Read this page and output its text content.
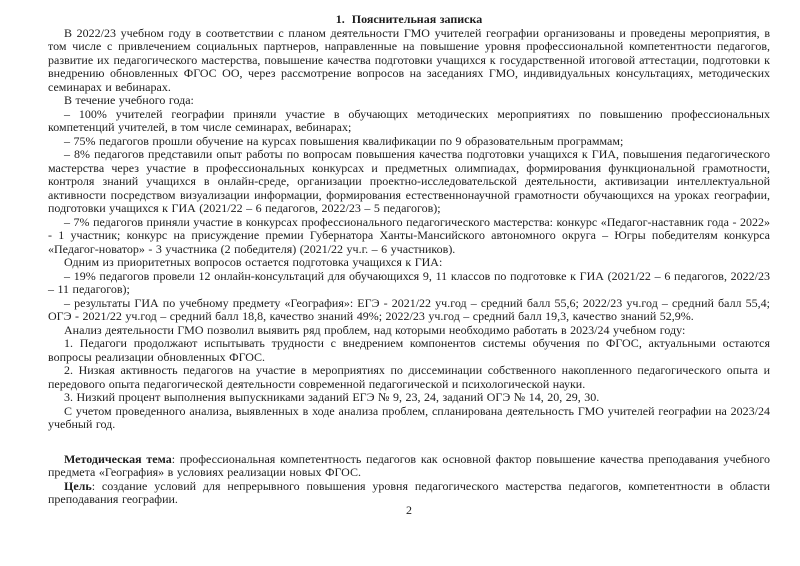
1.  Пояснительная записка

В 2022/23 учебном году в соответствии с планом деятельности ГМО учителей географии организованы и проведены мероприятия, в том числе с привлечением социальных партнеров, направленные на повышение уровня профессиональной компетентности педагогов, развитие их педагогического мастерства, повышение качества подготовки учащихся к государственной итоговой аттестации, подготовки к внедрению обновленных ФГОС ОО, через рассмотрение вопросов на заседаниях ГМО, индивидуальных консультациях, методических семинарах и вебинарах.

В течение учебного года:

– 100% учителей географии приняли участие в обучающих методических мероприятиях по повышению профессиональных компетенций учителей, в том числе семинарах, вебинарах;

– 75% педагогов прошли обучение на курсах повышения квалификации по 9 образовательным программам;

– 8% педагогов представили опыт работы по вопросам повышения качества подготовки учащихся к ГИА, повышения педагогического мастерства через участие в профессиональных конкурсах и предметных олимпиадах, формирования функциональной грамотности, контроля знаний учащихся в онлайн-среде, организации проектно-исследовательской деятельности, активизации интеллектуальной активности посредством визуализации информации, формирования естественнонаучной грамотности обучающихся на уроках географии, подготовки учащихся к ГИА (2021/22 – 6 педагогов, 2022/23 – 5 педагогов);

– 7% педагогов приняли участие в конкурсах профессионального педагогического мастерства: конкурс «Педагог-наставник года - 2022» - 1 участник; конкурс на присуждение премии Губернатора Ханты-Мансийского автономного округа – Югры победителям конкурса «Педагог-новатор» - 3 участника (2 победителя) (2021/22 уч.г. – 6 участников).

Одним из приоритетных вопросов остается подготовка учащихся к ГИА:

– 19% педагогов провели 12 онлайн-консультаций для обучающихся 9, 11 классов по подготовке к ГИА (2021/22 – 6 педагогов, 2022/23 – 11 педагогов);

– результаты ГИА по учебному предмету «География»: ЕГЭ - 2021/22 уч.год – средний балл 55,6; 2022/23 уч.год – средний балл 55,4; ОГЭ - 2021/22 уч.год – средний балл 18,8, качество знаний 49%; 2022/23 уч.год – средний балл 19,3, качество знаний 52,9%.

Анализ деятельности ГМО позволил выявить ряд проблем, над которыми необходимо работать в 2023/24 учебном году:

1. Педагоги продолжают испытывать трудности с внедрением компонентов системы обучения по ФГОС, актуальными остаются вопросы реализации обновленных ФГОС.

2. Низкая активность педагогов на участие в мероприятиях по диссеминации собственного накопленного педагогического опыта и передового опыта педагогической деятельности современной педагогической и психологической науки.

3. Низкий процент выполнения выпускниками заданий ЕГЭ № 9, 23, 24, заданий ОГЭ № 14, 20, 29, 30.

С учетом проведенного анализа, выявленных в ходе анализа проблем, спланирована деятельность ГМО учителей географии на 2023/24 учебный год.

Методическая тема: профессиональная компетентность педагогов как основной фактор повышение качества преподавания учебного предмета «География» в условиях реализации новых ФГОС.

Цель: создание условий для непрерывного повышения уровня педагогического мастерства педагогов, компетентности в области преподавания географии.

2
